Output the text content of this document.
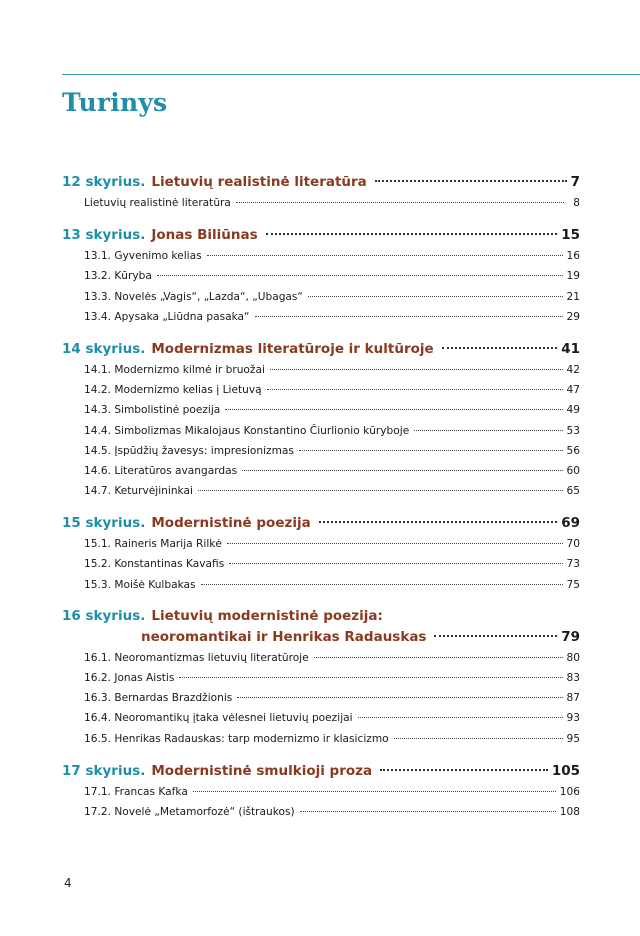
Turinys
12 skyrius. Lietuvių realistinė literatūra	7
Lietuvių realistinė literatūra	8
13 skyrius. Jonas Biliūnas	15
13.1. Gyvenimo kelias	16
13.2. Kūryba	19
13.3. Novelės „Vagis“, „Lazda“, „Ubagas“	21
13.4. Apysaka „Liūdna pasaka“	29
14 skyrius. Modernizmas literatūroje ir kultūroje	41
14.1. Modernizmo kilmė ir bruožai	42
14.2. Modernizmo kelias į Lietuvą	47
14.3. Simbolistinė poezija	49
14.4. Simbolizmas Mikalojaus Konstantino Čiurlionio kūryboje	53
14.5. Įspūdžių žavesys: impresionizmas	56
14.6. Literatūros avangardas	60
14.7. Keturvėjininkai	65
15 skyrius. Modernistinė poezija	69
15.1. Raineris Marija Rilkė	70
15.2. Konstantinas Kavafis	73
15.3. Moišė Kulbakas	75
16 skyrius. Lietuvių modernistinė poezija:
neoromantikai ir Henrikas Radauskas	79
16.1. Neoromantizmas lietuvių literatūroje	80
16.2. Jonas Aistis	83
16.3. Bernardas Brazdžionis	87
16.4. Neoromantikų įtaka vėlesnei lietuvių poezijai	93
16.5. Henrikas Radauskas: tarp modernizmo ir klasicizmo	95
17 skyrius. Modernistinė smulkioji proza	105
17.1. Francas Kafka	106
17.2. Novelė „Metamorfozė“ (ištraukos)	108
4
